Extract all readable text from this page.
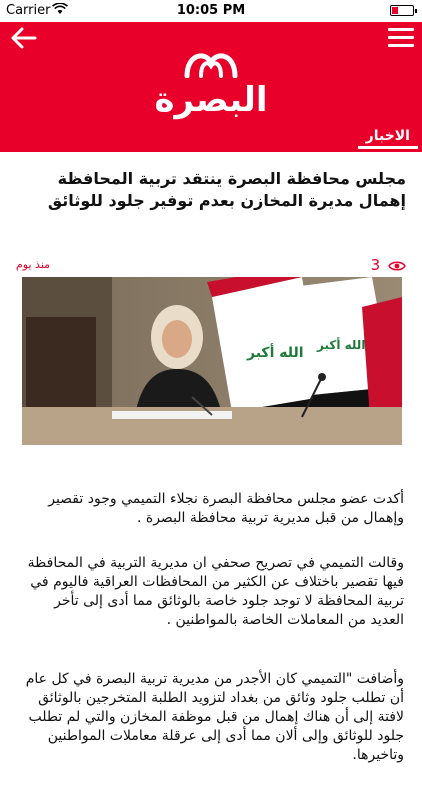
Carrier	10:05 PM
البصرة
الاخبار
مجلس محافظة البصرة ينتقد تربية المحافظة إهمال مديرة المخازن بعدم توفير جلود للوثائق
منذ يوم	3
الله أكبر الله أكبر

أكدت عضو مجلس محافظة البصرة نجلاء التميمي وجود تقصير وإهمال من قبل مديرية تربية محافظة البصرة .

وقالت التميمي في تصريح صحفي ان مديرية التربية في المحافظة فيها تقصير باختلاف عن الكثير من المحافظات العراقية فاليوم في تربية المحافظة لا توجد جلود خاصة بالوثائق مما أدى إلى تأخر العديد من المعاملات الخاصة بالمواطنين .

وأضافت "التميمي كان الأجدر من مديرية تربية البصرة في كل عام أن تطلب جلود وثائق من بغداد لتزويد الطلبة المتخرجين بالوثائق لافتة إلى أن هناك إهمال من قبل موظفة المخازن والتي لم تطلب جلود للوثائق وإلى ألان مما أدى إلى عرقلة معاملات المواطنين وتاخيرها.
